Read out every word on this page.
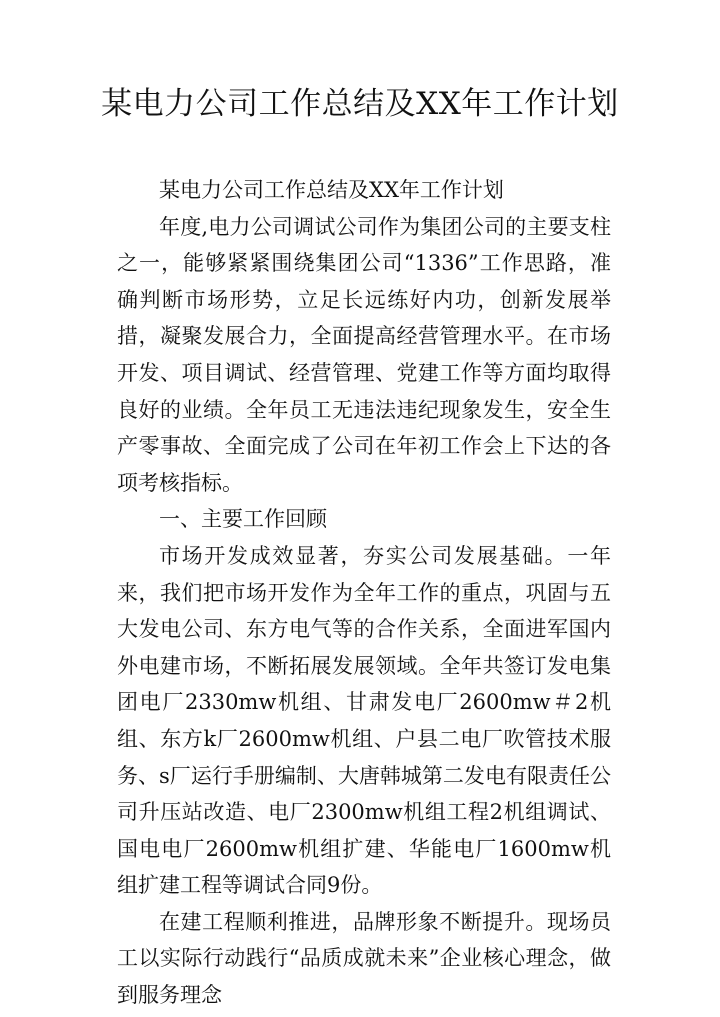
某电力公司工作总结及XX年工作计划

某电力公司工作总结及XX年工作计划

年度,电力公司调试公司作为集团公司的主要支柱之一，能够紧紧围绕集团公司“1336”工作思路，准确判断市场形势，立足长远练好内功，创新发展举措，凝聚发展合力，全面提高经营管理水平。在市场开发、项目调试、经营管理、党建工作等方面均取得良好的业绩。全年员工无违法违纪现象发生，安全生产零事故、全面完成了公司在年初工作会上下达的各项考核指标。

一、主要工作回顾

市场开发成效显著，夯实公司发展基础。一年来，我们把市场开发作为全年工作的重点，巩固与五大发电公司、东方电气等的合作关系，全面进军国内外电建市场，不断拓展发展领域。全年共签订发电集团电厂2330mw机组、甘肃发电厂2600mw＃2机组、东方k厂2600mw机组、户县二电厂吹管技术服务、s厂运行手册编制、大唐韩城第二发电有限责任公司升压站改造、电厂2300mw机组工程2机组调试、国电电厂2600mw机组扩建、华能电厂1600mw机组扩建工程等调试合同9份。

在建工程顺利推进，品牌形象不断提升。现场员工以实际行动践行“品质成就未来”企业核心理念，做到服务理念
